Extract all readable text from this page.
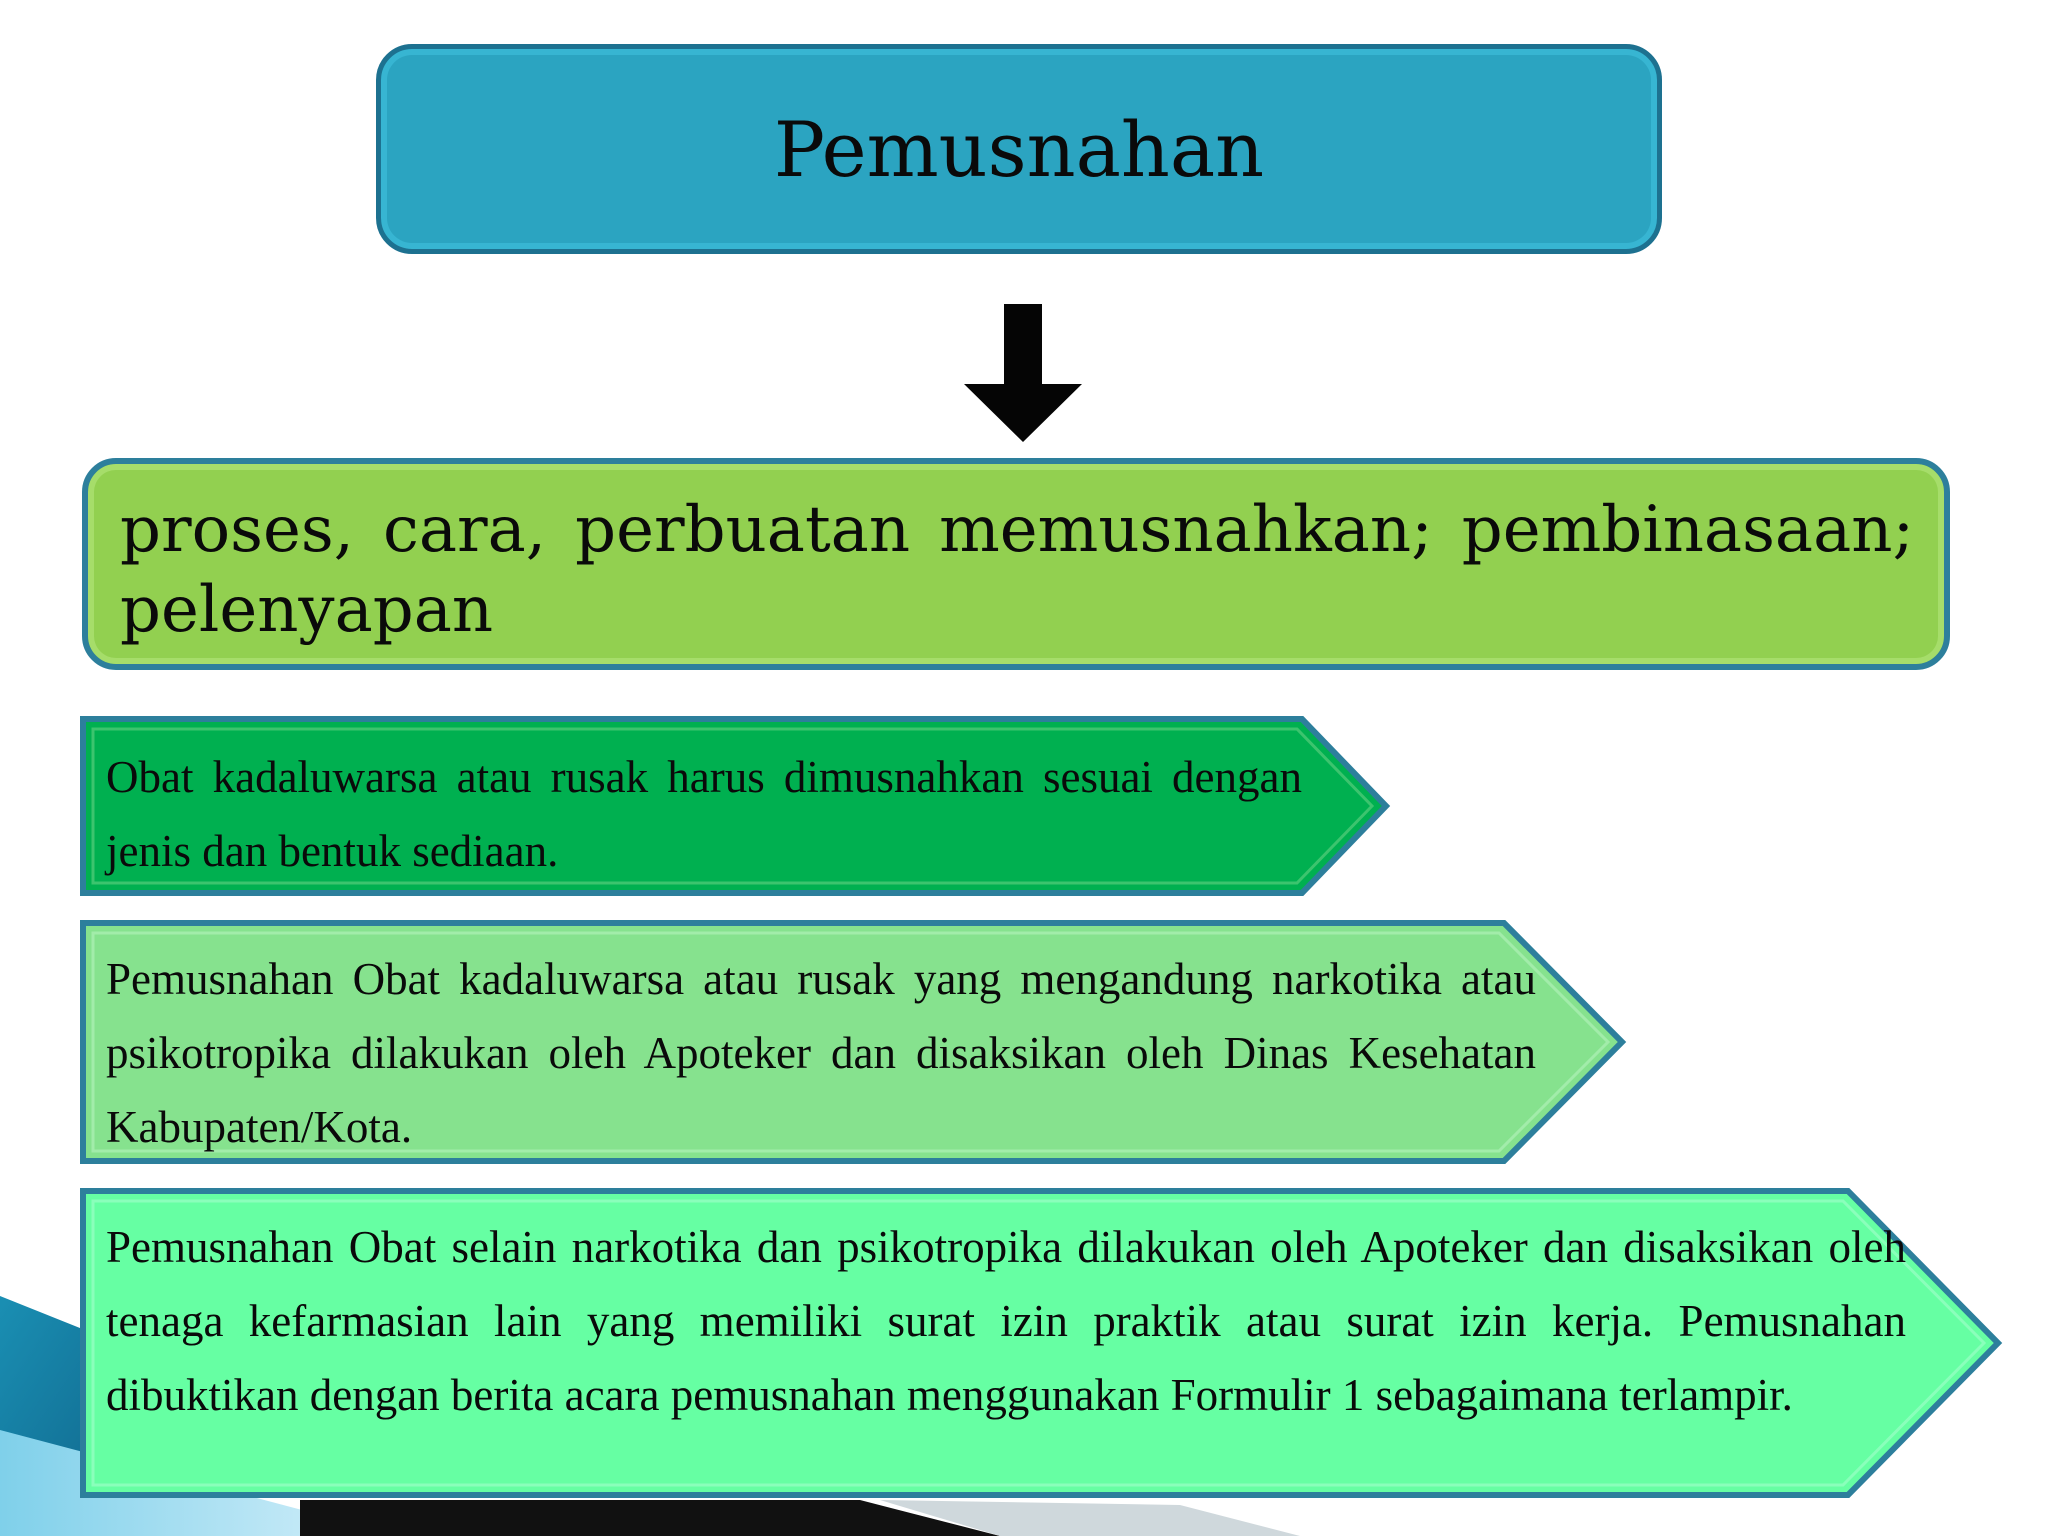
Pemusnahan
proses, cara, perbuatan memusnahkan; pembinasaan; pelenyapan
Obat kadaluwarsa atau rusak harus dimusnahkan sesuai dengan jenis dan bentuk sediaan.
Pemusnahan Obat kadaluwarsa atau rusak yang mengandung narkotika atau psikotropika dilakukan oleh Apoteker dan disaksikan oleh Dinas Kesehatan Kabupaten/Kota.
Pemusnahan Obat selain narkotika dan psikotropika dilakukan oleh Apoteker dan disaksikan oleh tenaga kefarmasian lain yang memiliki surat izin praktik atau surat izin kerja. Pemusnahan dibuktikan dengan berita acara pemusnahan menggunakan Formulir 1 sebagaimana terlampir.
